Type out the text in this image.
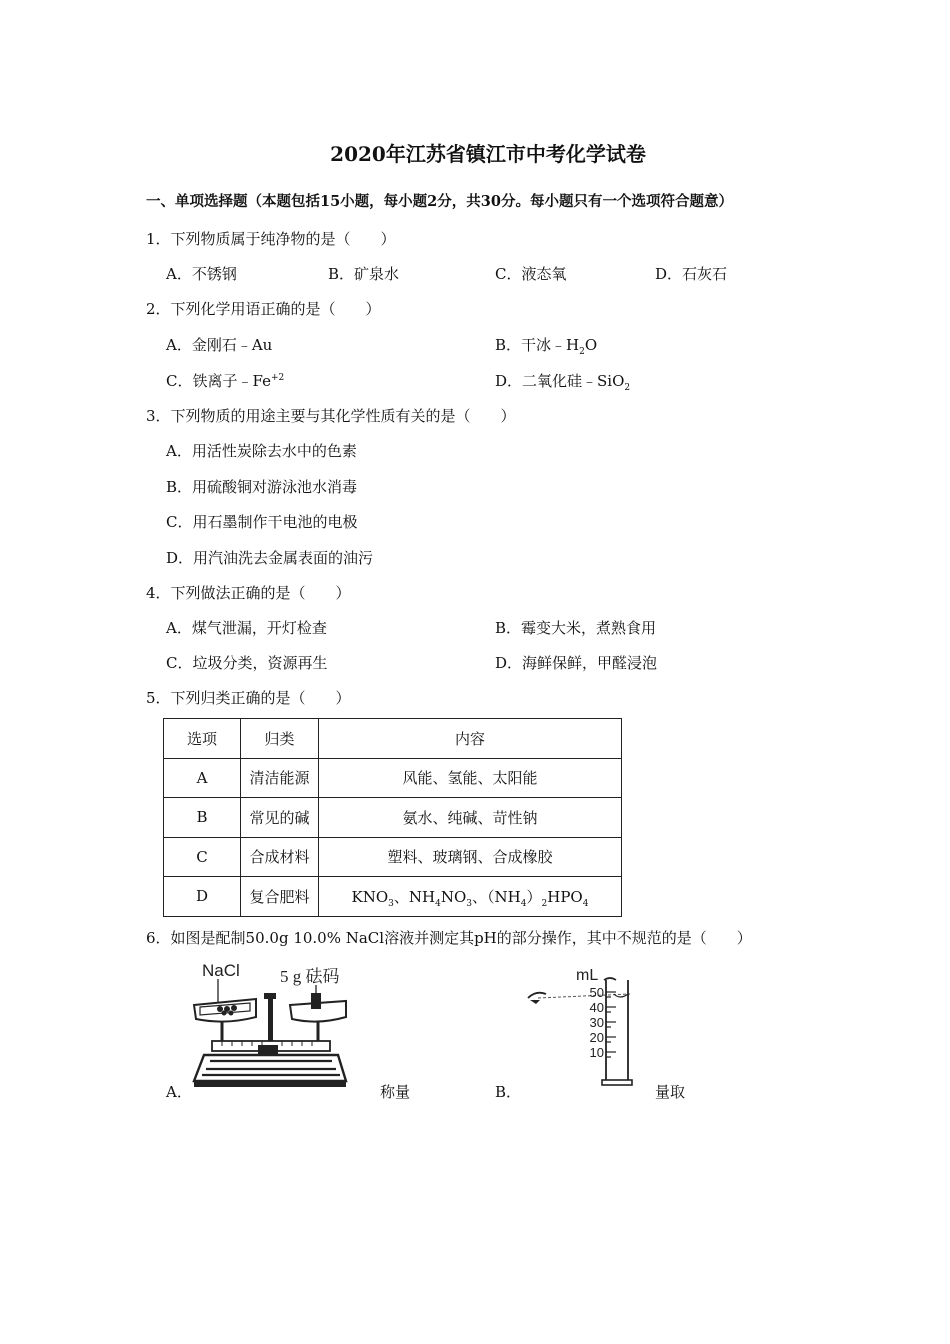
2020年江苏省镇江市中考化学试卷
一、单项选择题（本题包括15小题，每小题2分，共30分。每小题只有一个选项符合题意）
1．下列物质属于纯净物的是（　　）
A．不锈钢	B．矿泉水	C．液态氧	D．石灰石
2．下列化学用语正确的是（　　）
A．金刚石﹣Au	B．干冰$﹣H_2O$
C．铁离子$﹣Fe^{+2}$	D．二氧化硅﹣SiO$_2$
3．下列物质的用途主要与其化学性质有关的是（　　）
A．用活性炭除去水中的色素
B．用硫酸铜对游泳池水消毒
C．用石墨制作干电池的电极
D．用汽油洗去金属表面的油污
4．下列做法正确的是（　　）
A．煤气泄漏，开灯检查	B．霉变大米，煮熟食用
C．垃圾分类，资源再生	D．海鲜保鲜，甲醛浸泡
5．下列归类正确的是（　　）
选项	归类	内容
A	清洁能源	风能、氢能、太阳能
B	常见的碱	氨水、纯碱、苛性钠
C	合成材料	塑料、玻璃钢、合成橡胶
D	复合肥料	$KNO_3$、$NH_4NO_3$、$(NH_4)_2HPO_4$
6．如图是配制50.0g 10.0% NaCl溶液并测定其pH的部分操作，其中不规范的是（　　）
A．
NaCl 5 g 砝码
称量	B．
mL
50
40
30
20
10
量取
